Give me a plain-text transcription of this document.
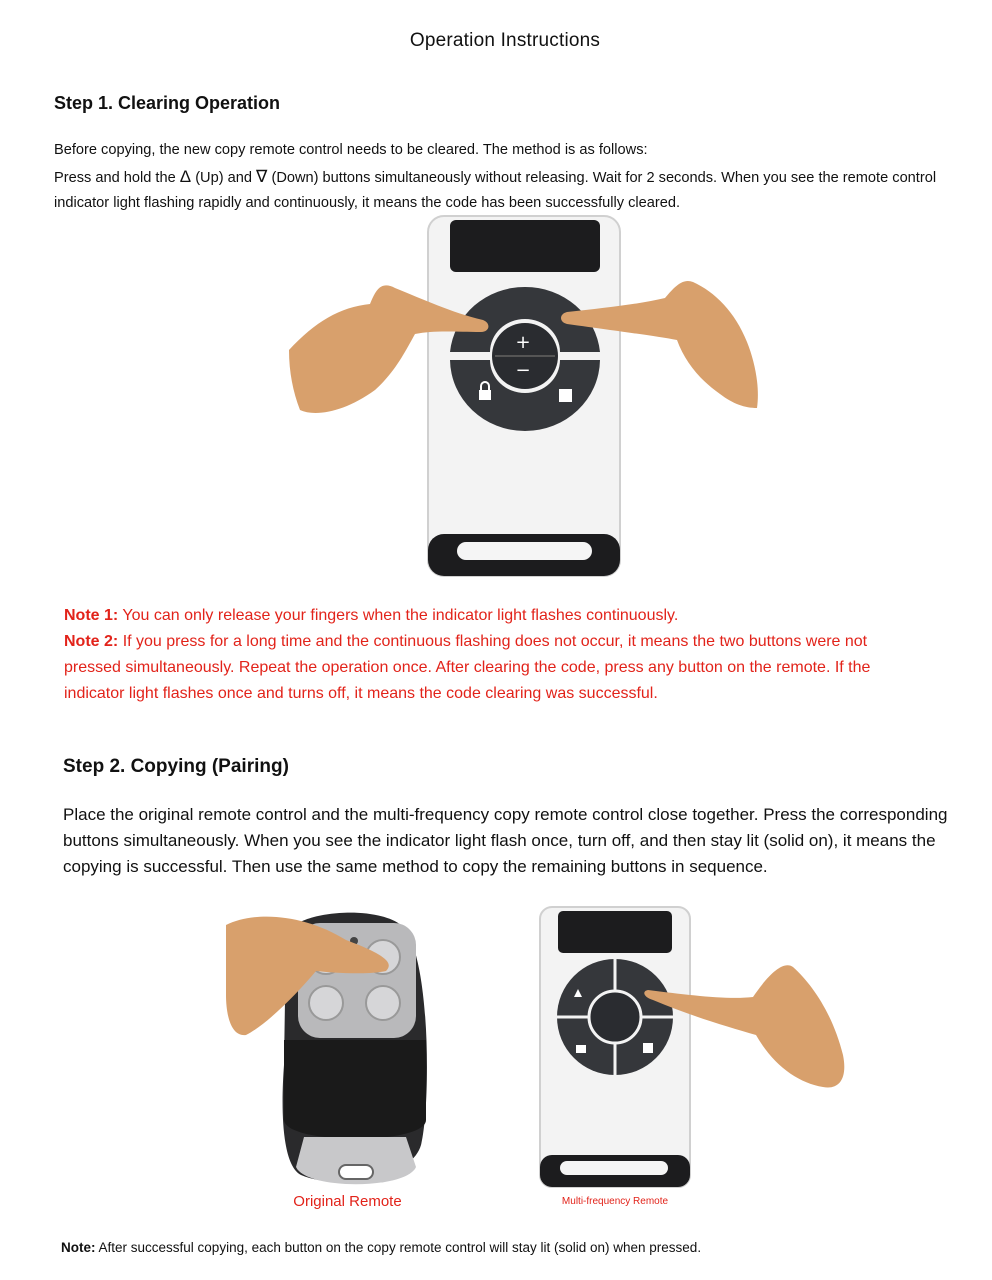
Operation Instructions
Step 1. Clearing Operation
Before copying, the new copy remote control needs to be cleared. The method is as follows:
Press and hold the Δ (Up) and ∇ (Down) buttons simultaneously without releasing. Wait for 2 seconds. When you see the remote control indicator light flashing rapidly and continuously, it means the code has been successfully cleared.
+
−
Note 1: You can only release your fingers when the indicator light flashes continuously.
Note 2: If you press for a long time and the continuous flashing does not occur, it means the two buttons were not pressed simultaneously. Repeat the operation once. After clearing the code, press any button on the remote. If the indicator light flashes once and turns off, it means the code clearing was successful.
Step 2. Copying (Pairing)
Place the original remote control and the multi-frequency copy remote control close together. Press the corresponding buttons simultaneously. When you see the indicator light flash once, turn off, and then stay lit (solid on), it means the copying is successful. Then use the same method to copy the remaining buttons in sequence.
Original Remote	Multi-frequency Remote
Note: After successful copying, each button on the copy remote control will stay lit (solid on) when pressed.
